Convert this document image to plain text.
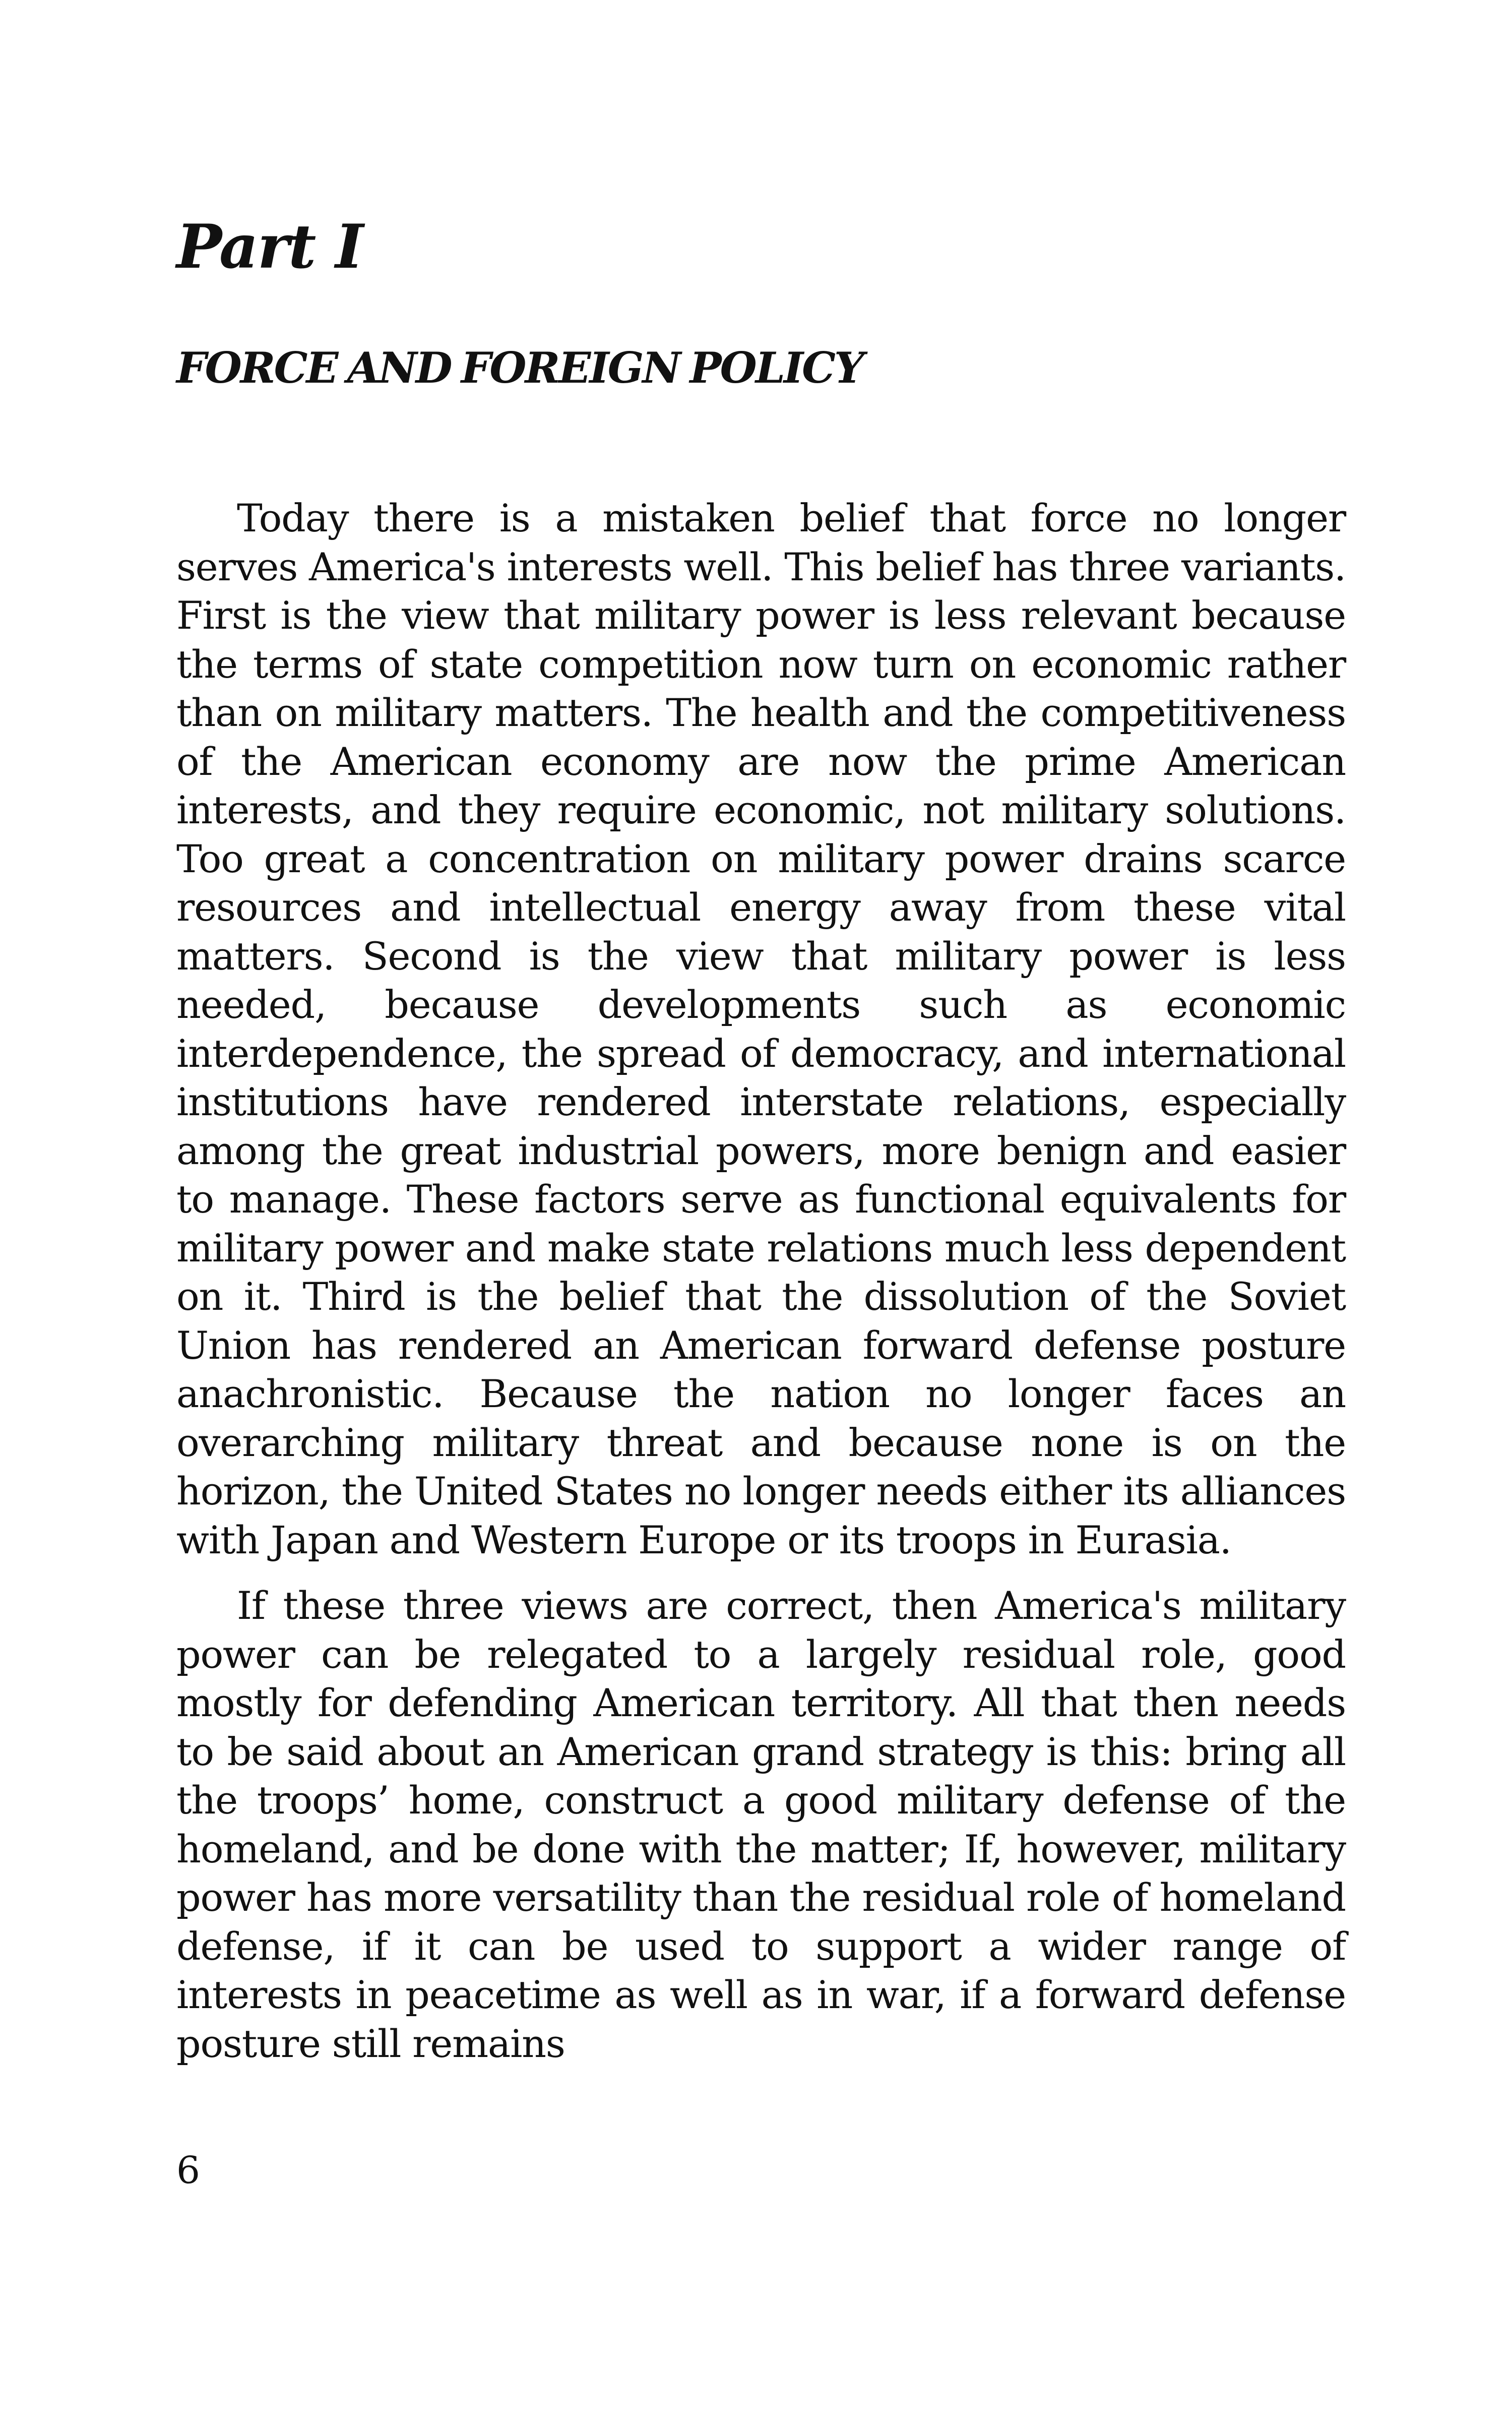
Part I
FORCE AND FOREIGN POLICY

Today there is a mistaken belief that force no longer serves America's interests well. This belief has three variants. First is the view that military power is less relevant because the terms of state competition now turn on economic rather than on military matters. The health and the competitiveness of the American economy are now the prime American interests, and they require economic, not military solutions. Too great a concentration on military power drains scarce resources and intellectual energy away from these vital matters. Second is the view that military power is less needed, because developments such as economic interdependence, the spread of democracy, and international institutions have rendered interstate relations, especially among the great industrial powers, more benign and easier to manage. These factors serve as functional equivalents for military power and make state relations much less dependent on it. Third is the belief that the dissolution of the Soviet Union has rendered an American forward defense posture anachronistic. Because the nation no longer faces an overarching military threat and because none is on the horizon, the United States no longer needs either its alliances with Japan and Western Europe or its troops in Eurasia.

If these three views are correct, then America's military power can be relegated to a largely residual role, good mostly for defending American territory. All that then needs to be said about an American grand strategy is this: bring all the troops’ home, construct a good military defense of the homeland, and be done with the matter; If, however, military power has more versatility than the residual role of homeland defense, if it can be used to support a wider range of interests in peacetime as well as in war, if a forward defense posture still remains

6
